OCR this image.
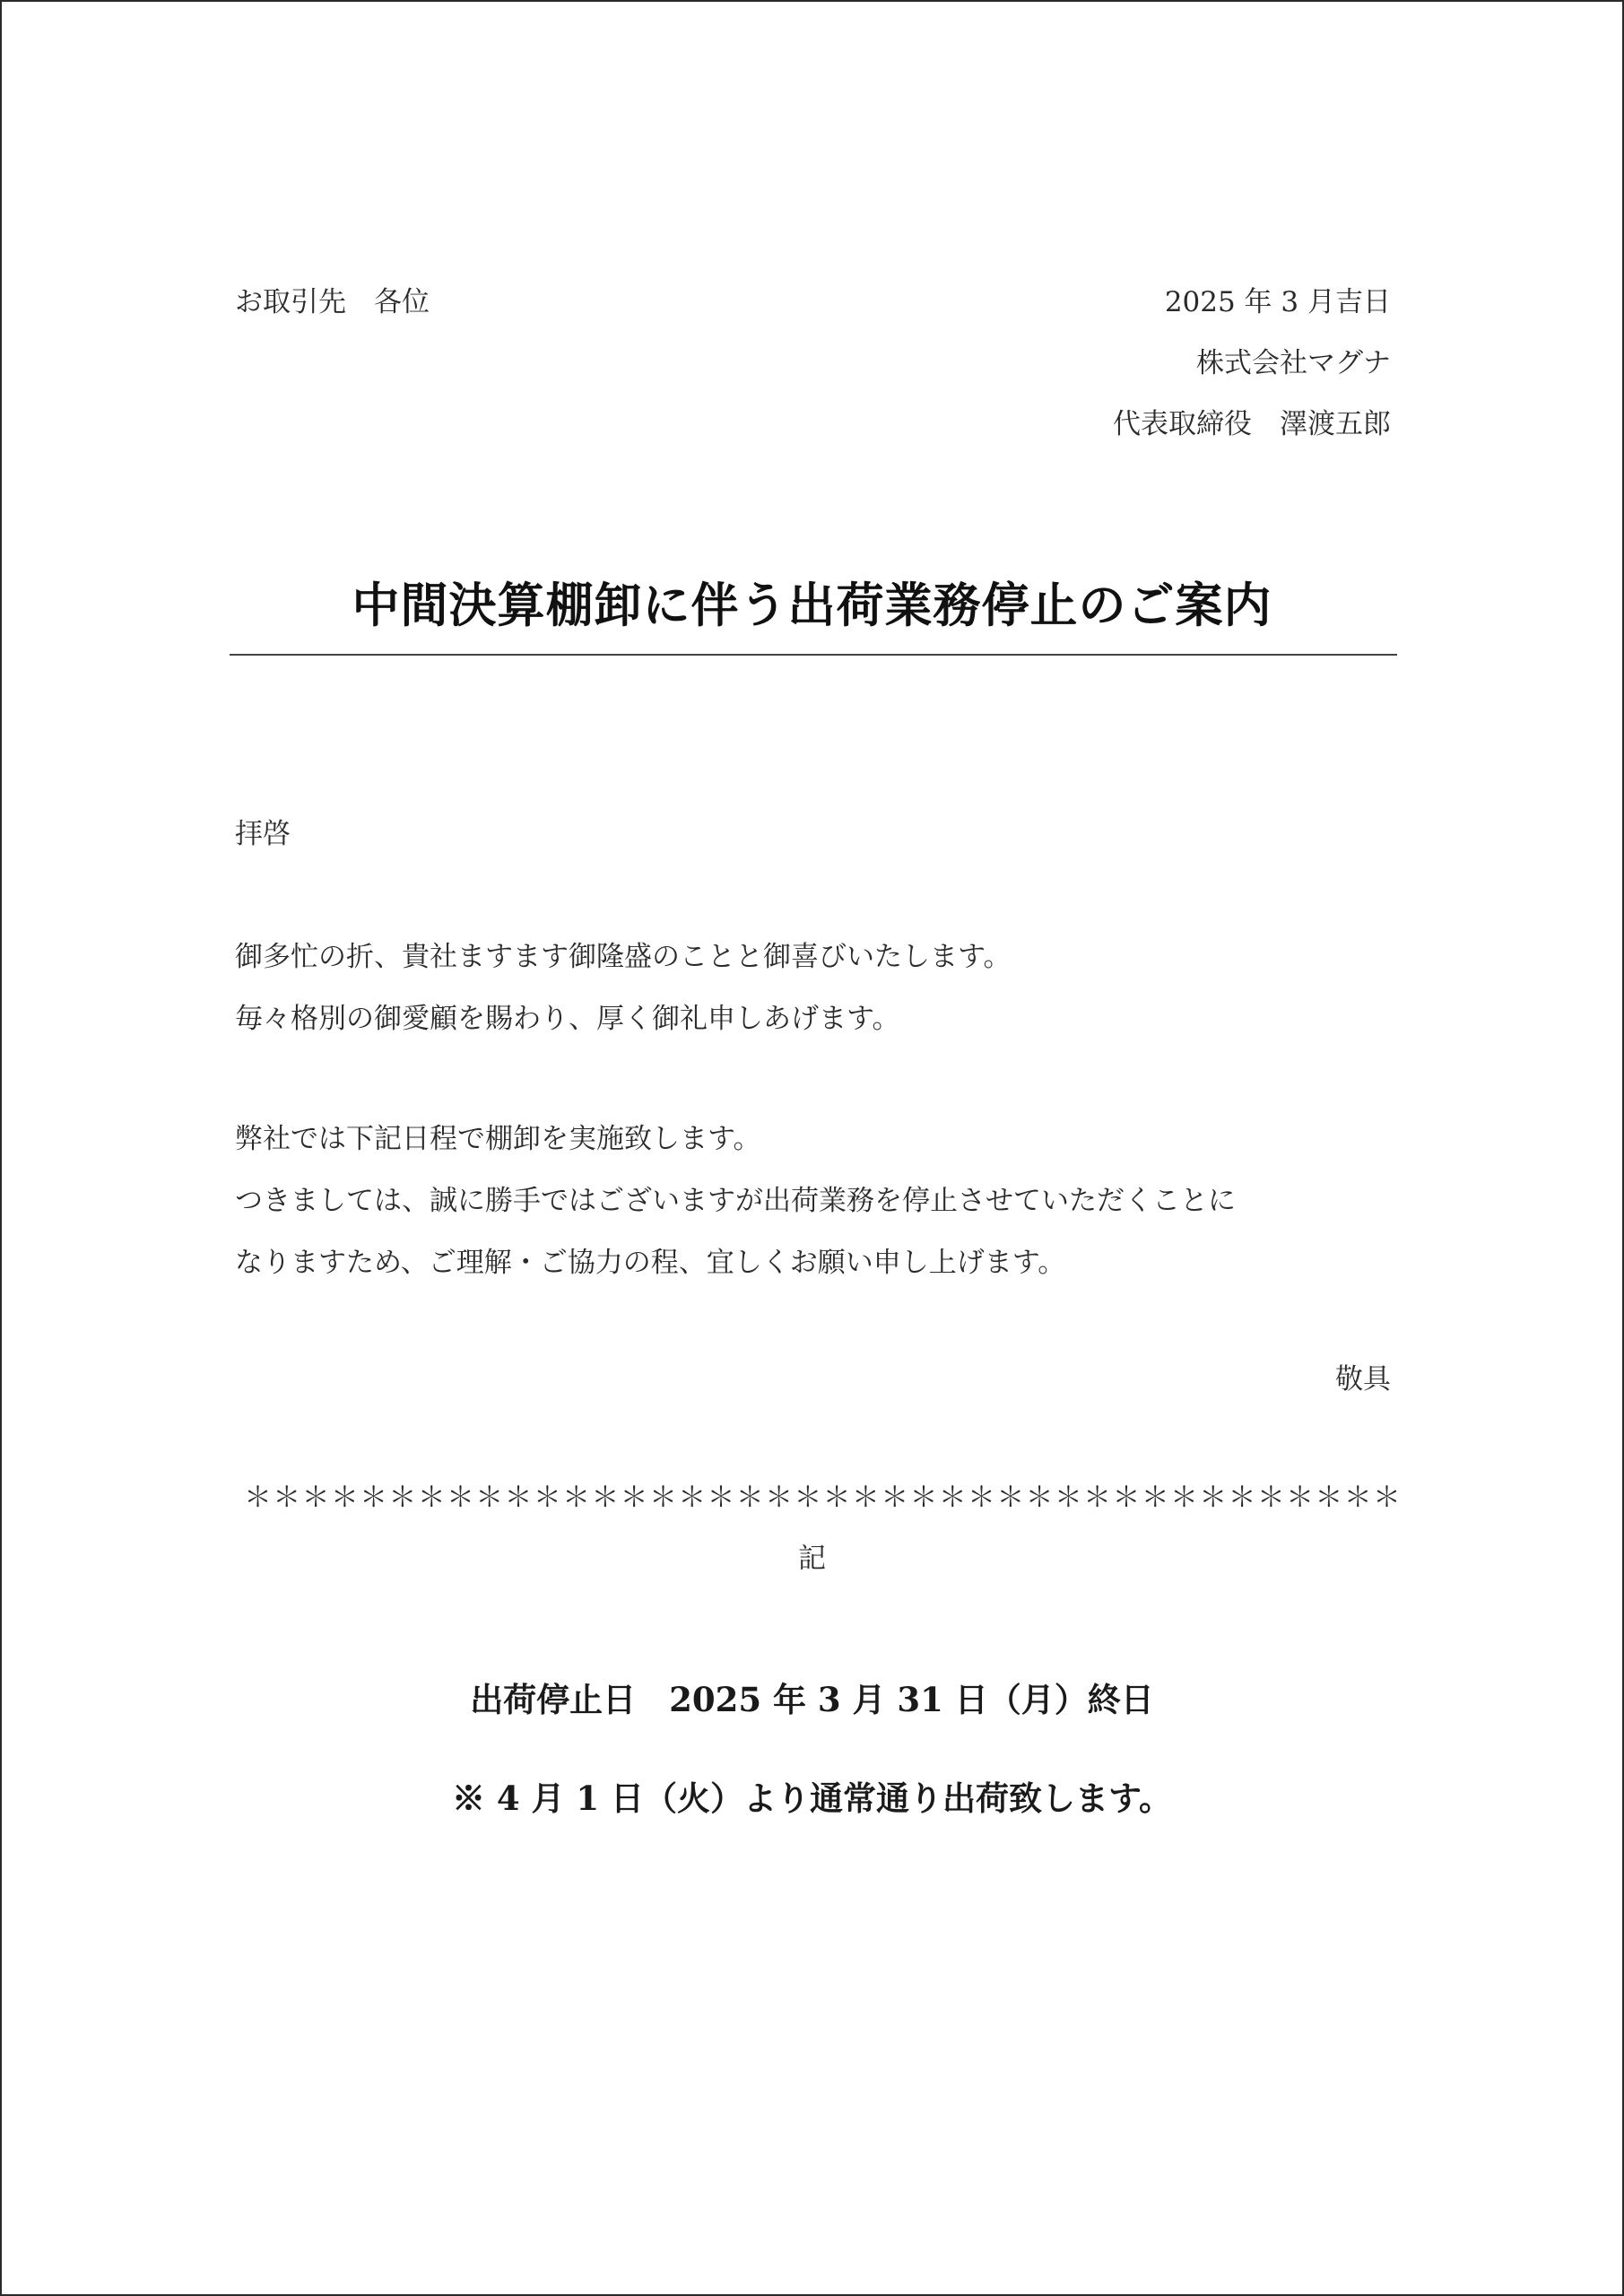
お取引先　各位	2025 年 3 月吉日
株式会社マグナ
代表取締役　澤渡五郎
中間決算棚卸に伴う出荷業務停止のご案内
拝啓
御多忙の折、貴社ますます御隆盛のことと御喜びいたします。
毎々格別の御愛顧を賜わり、厚く御礼申しあげます。
弊社では下記日程で棚卸を実施致します。
つきましては、誠に勝手ではございますが出荷業務を停止させていただくことに
なりますため、ご理解・ご協力の程、宜しくお願い申し上げます。
敬具
＊ ＊ ＊ ＊ ＊ ＊ ＊ ＊ ＊ ＊ ＊ ＊ ＊ ＊ ＊ ＊ ＊ ＊ ＊ ＊ ＊ ＊ ＊ ＊ ＊ ＊ ＊ ＊ ＊ ＊ ＊ ＊ ＊ ＊ ＊ ＊ ＊ ＊ ＊ ＊
記
出荷停止日　2025 年 3 月 31 日（月）終日
※ 4 月 1 日（火）より通常通り出荷致します。
